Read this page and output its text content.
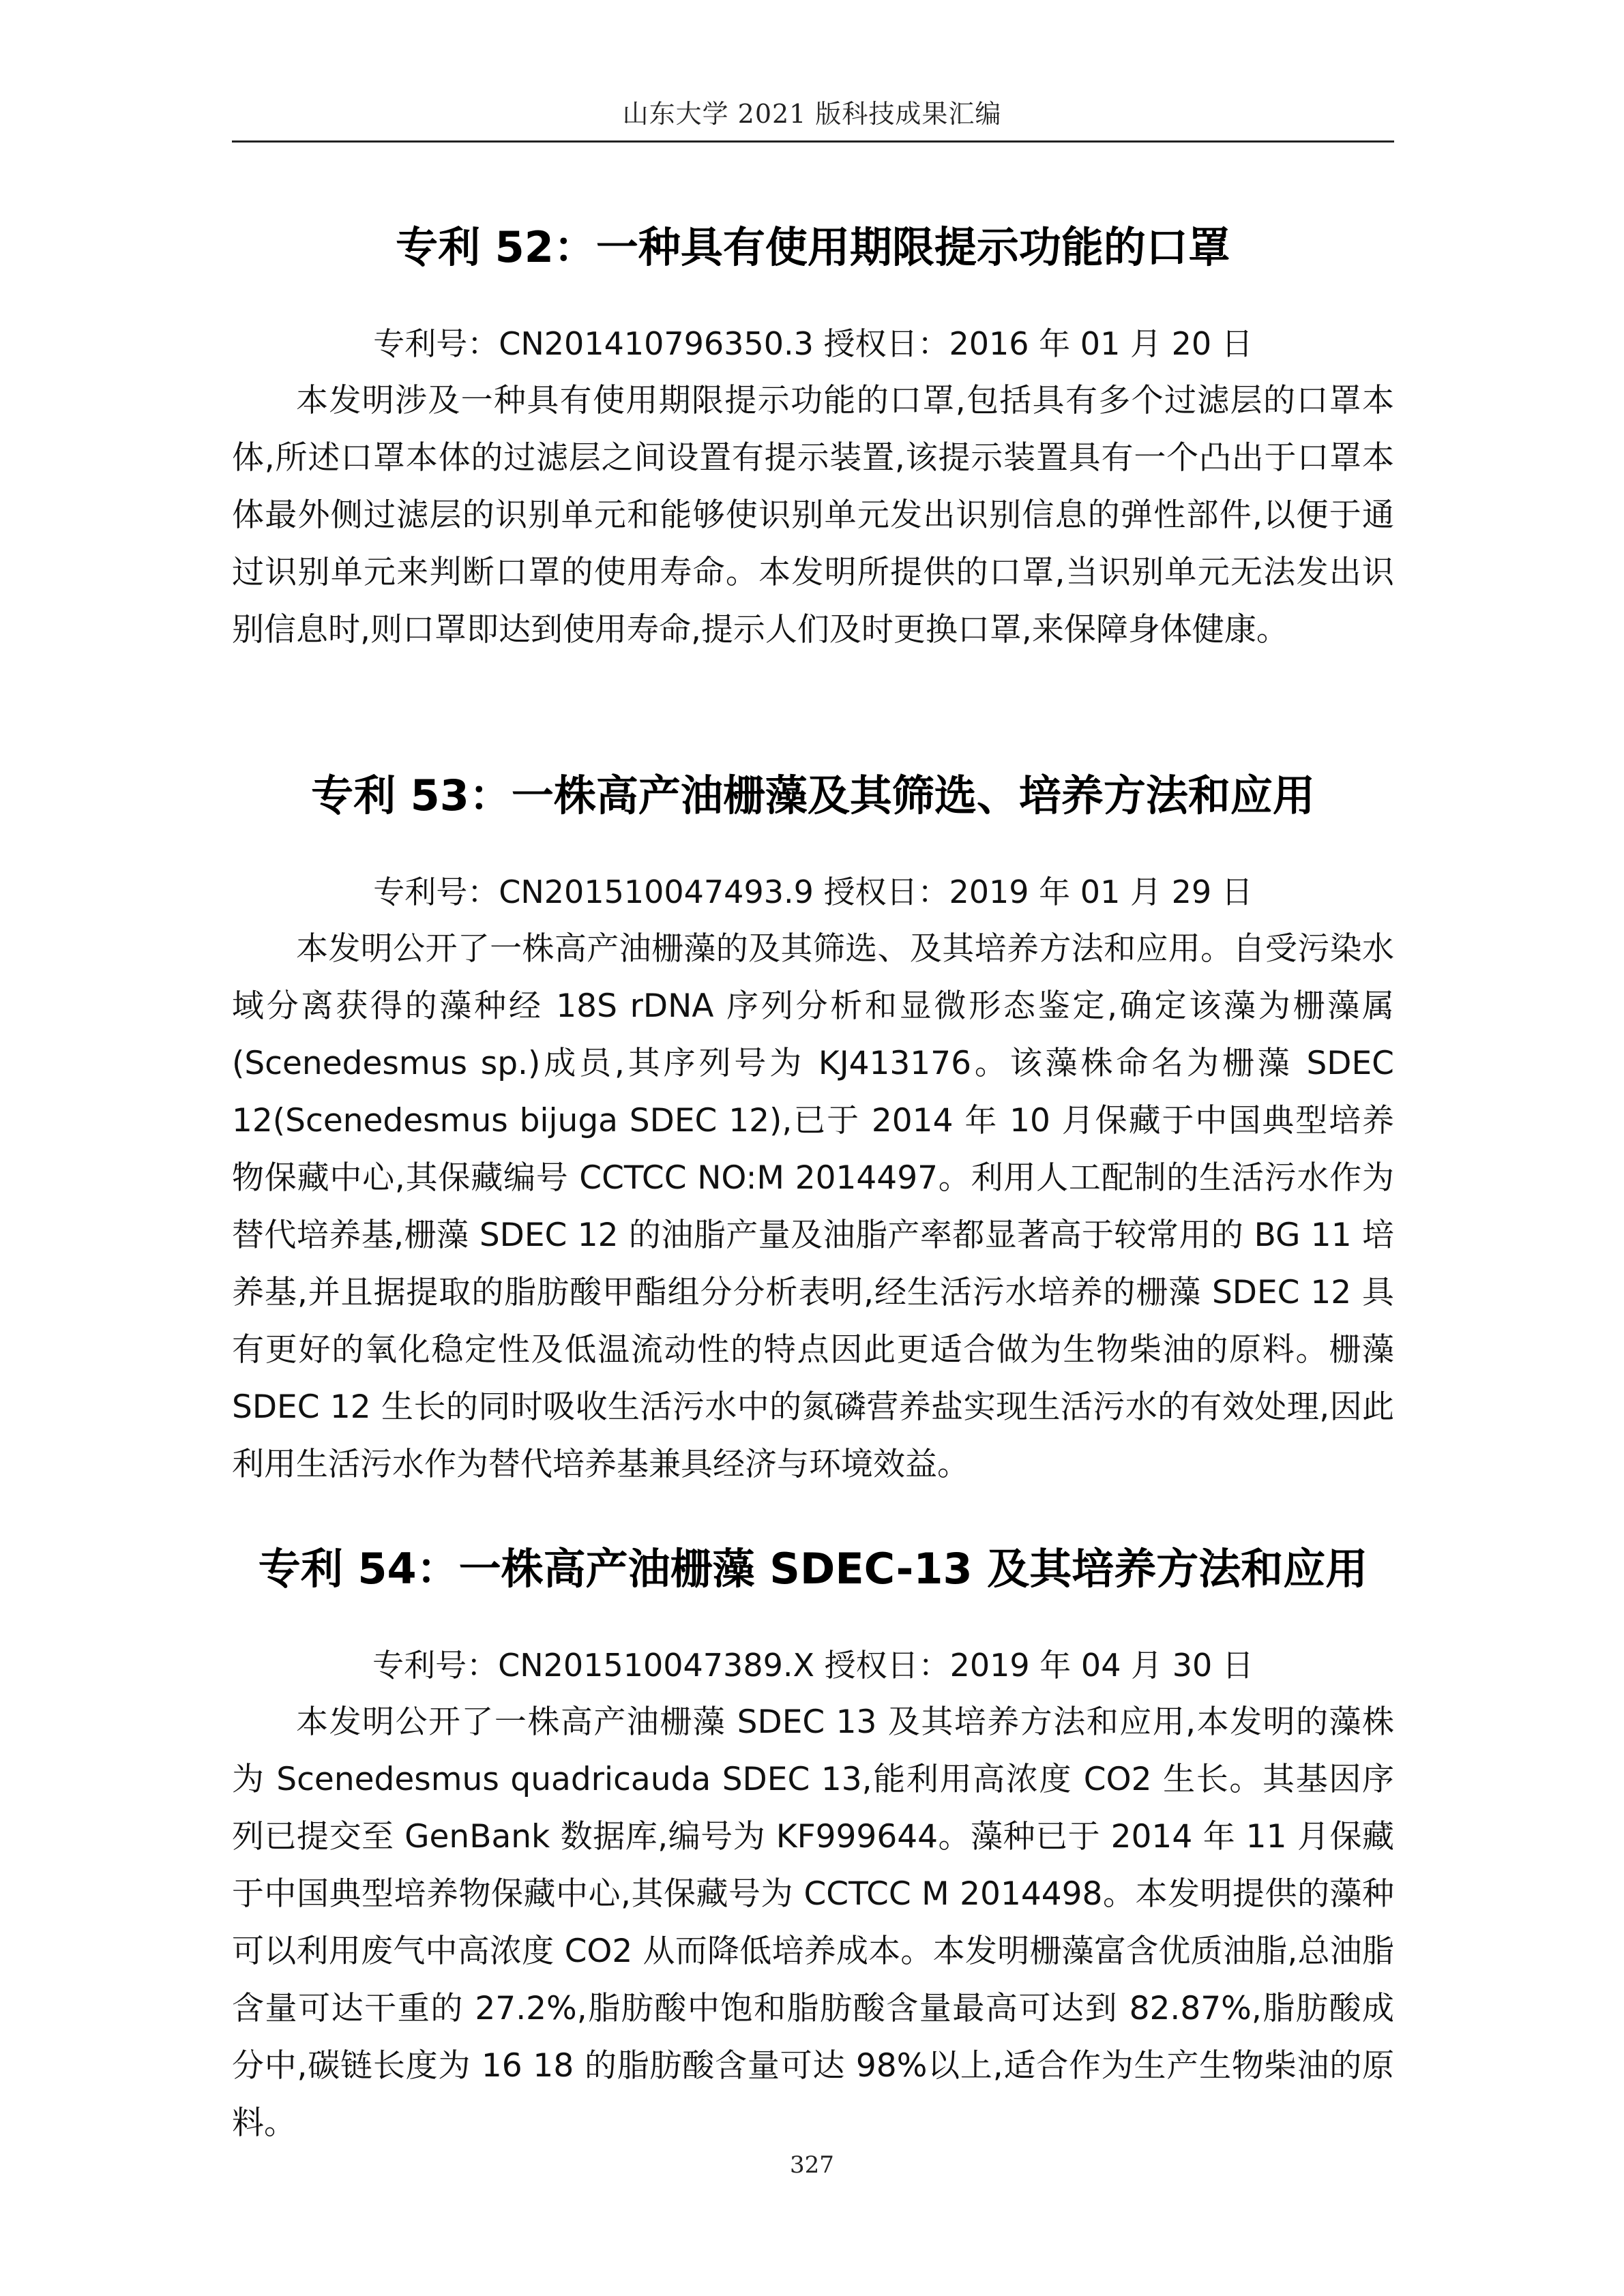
山东大学 2021 版科技成果汇编
专利 52：一种具有使用期限提示功能的口罩
专利号：CN201410796350.3 授权日：2016 年 01 月 20 日

本发明涉及一种具有使用期限提示功能的口罩,包括具有多个过滤层的口罩本体,所述口罩本体的过滤层之间设置有提示装置,该提示装置具有一个凸出于口罩本体最外侧过滤层的识别单元和能够使识别单元发出识别信息的弹性部件,以便于通过识别单元来判断口罩的使用寿命。本发明所提供的口罩,当识别单元无法发出识别信息时,则口罩即达到使用寿命,提示人们及时更换口罩,来保障身体健康。

专利 53：一株高产油栅藻及其筛选、培养方法和应用
专利号：CN201510047493.9 授权日：2019 年 01 月 29 日

本发明公开了一株高产油栅藻的及其筛选、及其培养方法和应用。自受污染水域分离获得的藻种经 18S rDNA 序列分析和显微形态鉴定,确定该藻为栅藻属(Scenedesmus sp.)成员,其序列号为 KJ413176。该藻株命名为栅藻 SDEC 12(Scenedesmus bijuga SDEC 12),已于 2014 年 10 月保藏于中国典型培养物保藏中心,其保藏编号 CCTCC NO:M 2014497。利用人工配制的生活污水作为替代培养基,栅藻 SDEC 12 的油脂产量及油脂产率都显著高于较常用的 BG 11 培养基,并且据提取的脂肪酸甲酯组分分析表明,经生活污水培养的栅藻 SDEC 12 具有更好的氧化稳定性及低温流动性的特点因此更适合做为生物柴油的原料。栅藻 SDEC 12 生长的同时吸收生活污水中的氮磷营养盐实现生活污水的有效处理,因此利用生活污水作为替代培养基兼具经济与环境效益。

专利 54：一株高产油栅藻 SDEC-13 及其培养方法和应用
专利号：CN201510047389.X 授权日：2019 年 04 月 30 日

本发明公开了一株高产油栅藻 SDEC 13 及其培养方法和应用,本发明的藻株为 Scenedesmus quadricauda SDEC 13,能利用高浓度 CO2 生长。其基因序列已提交至 GenBank 数据库,编号为 KF999644。藻种已于 2014 年 11 月保藏于中国典型培养物保藏中心,其保藏号为 CCTCC M 2014498。本发明提供的藻种可以利用废气中高浓度 CO2 从而降低培养成本。本发明栅藻富含优质油脂,总油脂含量可达干重的 27.2%,脂肪酸中饱和脂肪酸含量最高可达到 82.87%,脂肪酸成分中,碳链长度为 16 18 的脂肪酸含量可达 98%以上,适合作为生产生物柴油的原料。

327
